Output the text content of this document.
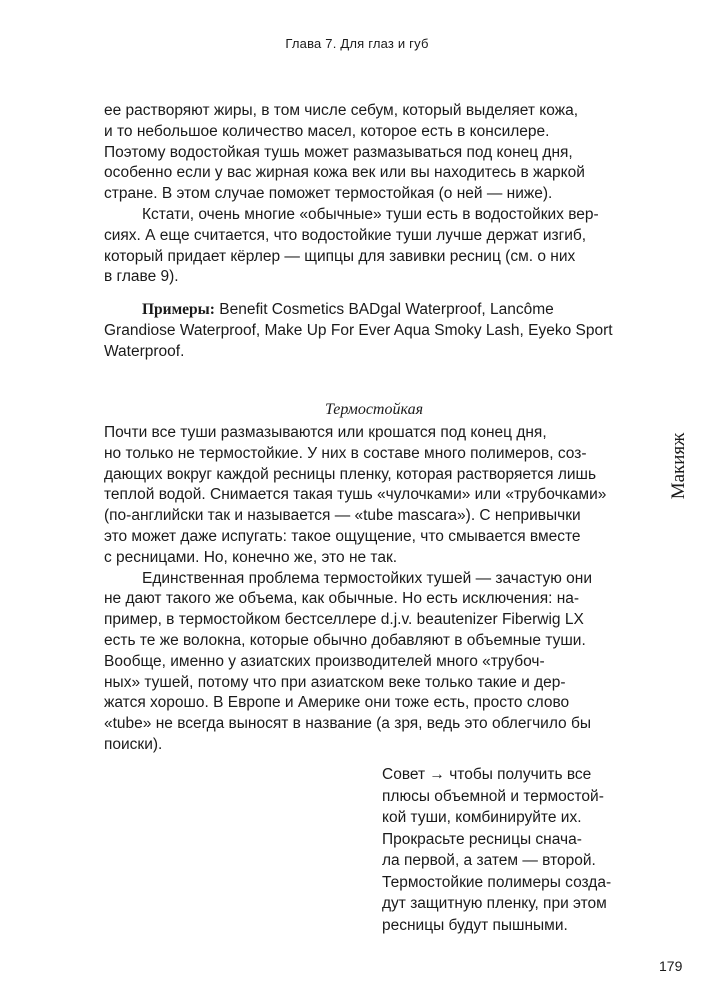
Глава 7. Для глаз и губ
ее растворяют жиры, в том числе себум, который выделяет кожа,
и то небольшое количество масел, которое есть в консилере.
Поэтому водостойкая тушь может размазываться под конец дня,
особенно если у вас жирная кожа век или вы находитесь в жаркой
стране. В этом случае поможет термостойкая (о ней — ниже).
Кстати, очень многие «обычные» туши есть в водостойких вер-
сиях. А еще считается, что водостойкие туши лучше держат изгиб,
который придает кёрлер — щипцы для завивки ресниц (см. о них
в главе 9).
Примеры: Benefit Cosmetics BADgal Waterproof, Lancôme
Grandiose Waterproof, Make Up For Ever Aqua Smoky Lash, Eyeko Sport
Waterproof.
Термостойкая
Почти все туши размазываются или крошатся под конец дня,
но только не термостойкие. У них в составе много полимеров, соз-
дающих вокруг каждой ресницы пленку, которая растворяется лишь
теплой водой. Снимается такая тушь «чулочками» или «трубочками»
(по-английски так и называется — «tube mascara»). С непривычки
это может даже испугать: такое ощущение, что смывается вместе
с ресницами. Но, конечно же, это не так.
Единственная проблема термостойких тушей — зачастую они
не дают такого же объема, как обычные. Но есть исключения: на-
пример, в термостойком бестселлере d.j.v. beautenizer Fiberwig LX
есть те же волокна, которые обычно добавляют в объемные туши.
Вообще, именно у азиатских производителей много «трубоч-
ных» тушей, потому что при азиатском веке только такие и дер-
жатся хорошо. В Европе и Америке они тоже есть, просто слово
«tube» не всегда выносят в название (а зря, ведь это облегчило бы
поиски).
Макияж
Совет → чтобы получить все
плюсы объемной и термостой-
кой туши, комбинируйте их.
Прокрасьте ресницы снача-
ла первой, а затем — второй.
Термостойкие полимеры созда-
дут защитную пленку, при этом
ресницы будут пышными.
179
